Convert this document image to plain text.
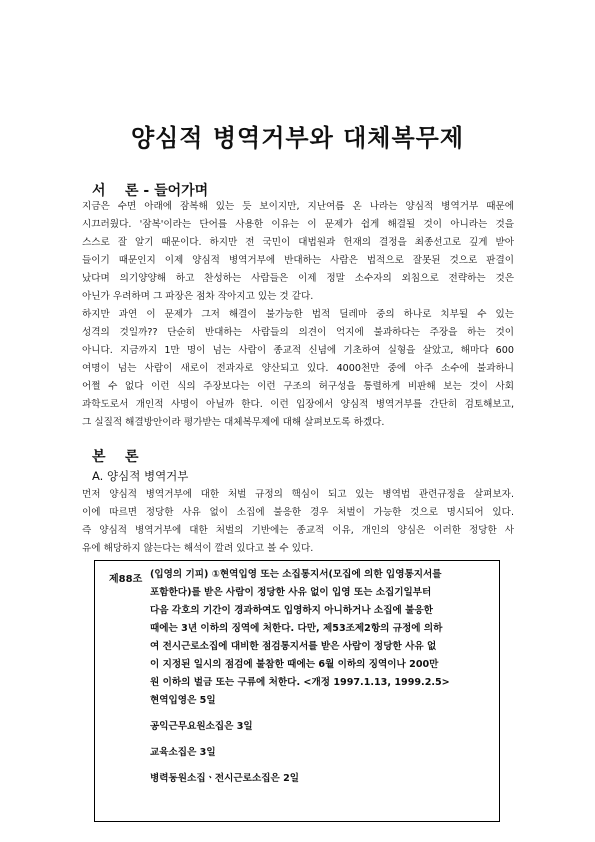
양심적 병역거부와 대체복무제
서    론 - 들어가며
지금은 수면 아래에 잠복해 있는 듯 보이지만, 지난여름 온 나라는 양심적 병역거부 때문에
시끄러웠다. '잠복'이라는 단어를 사용한 이유는 이 문제가 쉽게 해결될 것이 아니라는 것을
스스로 잘 알기 때문이다. 하지만 전 국민이 대법원과 헌재의 결정을 최종선고로 깊게 받아
들이기 때문인지 이제 양심적 병역거부에 반대하는 사람은 법적으로 잘못된 것으로 판결이
났다며 의기양양해 하고 찬성하는 사람들은 이제 정말 소수자의 외침으로 전략하는 것은
아닌가 우려하며 그 파장은 점차 작아지고 있는 것 같다.
하지만 과연 이 문제가 그저 해결이 불가능한 법적 딜레마 중의 하나로 치부될 수 있는
성격의 것일까?? 단순히 반대하는 사람들의 의견이 억지에 불과하다는 주장을 하는 것이
아니다. 지금까지 1만 명이 넘는 사람이 종교적 신념에 기초하여 실형을 살았고, 해마다 600
여명이 넘는 사람이 새로이 전과자로 양산되고 있다. 4000천만 중에 아주 소수에 불과하니
어쩔 수 없다 이런 식의 주장보다는 이런 구조의 허구성을 통렬하게 비판해 보는 것이 사회
과학도로서 개인적 사명이 아닐까 한다. 이런 입장에서 양심적 병역거부를 간단히 검토해보고,
그 실질적 해결방안이라 평가받는 대체복무제에 대해 살펴보도록 하겠다.
본    론
A. 양심적 병역거부
먼저 양심적 병역거부에 대한 처벌 규정의 핵심이 되고 있는 병역법 관련규정을 살펴보자.
이에 따르면 정당한 사유 없이 소집에 불응한 경우 처벌이 가능한 것으로 명시되어 있다.
즉 양심적 병역거부에 대한 처벌의 기반에는 종교적 이유, 개인의 양심은 이러한 정당한 사
유에 해당하지 않는다는 해석이 깔려 있다고 볼 수 있다.
제88조 (입영의 기피) ①현역입영 또는 소집통지서(모집에 의한 입영통지서를
포함한다)를 받은 사람이 정당한 사유 없이 입영 또는 소집기일부터
다음 각호의 기간이 경과하여도 입영하지 아니하거나 소집에 불응한
때에는 3년 이하의 징역에 처한다. 다만, 제53조제2항의 규정에 의하
여 전시근로소집에 대비한 점검통지서를 받은 사람이 정당한 사유 없
이 지정된 일시의 점검에 불참한 때에는 6월 이하의 징역이나 200만
원 이하의 벌금 또는 구류에 처한다. <개정 1997.1.13, 1999.2.5>
현역입영은 5일
공익근무요원소집은 3일
교육소집은 3일
병력동원소집ㆍ전시근로소집은 2일
